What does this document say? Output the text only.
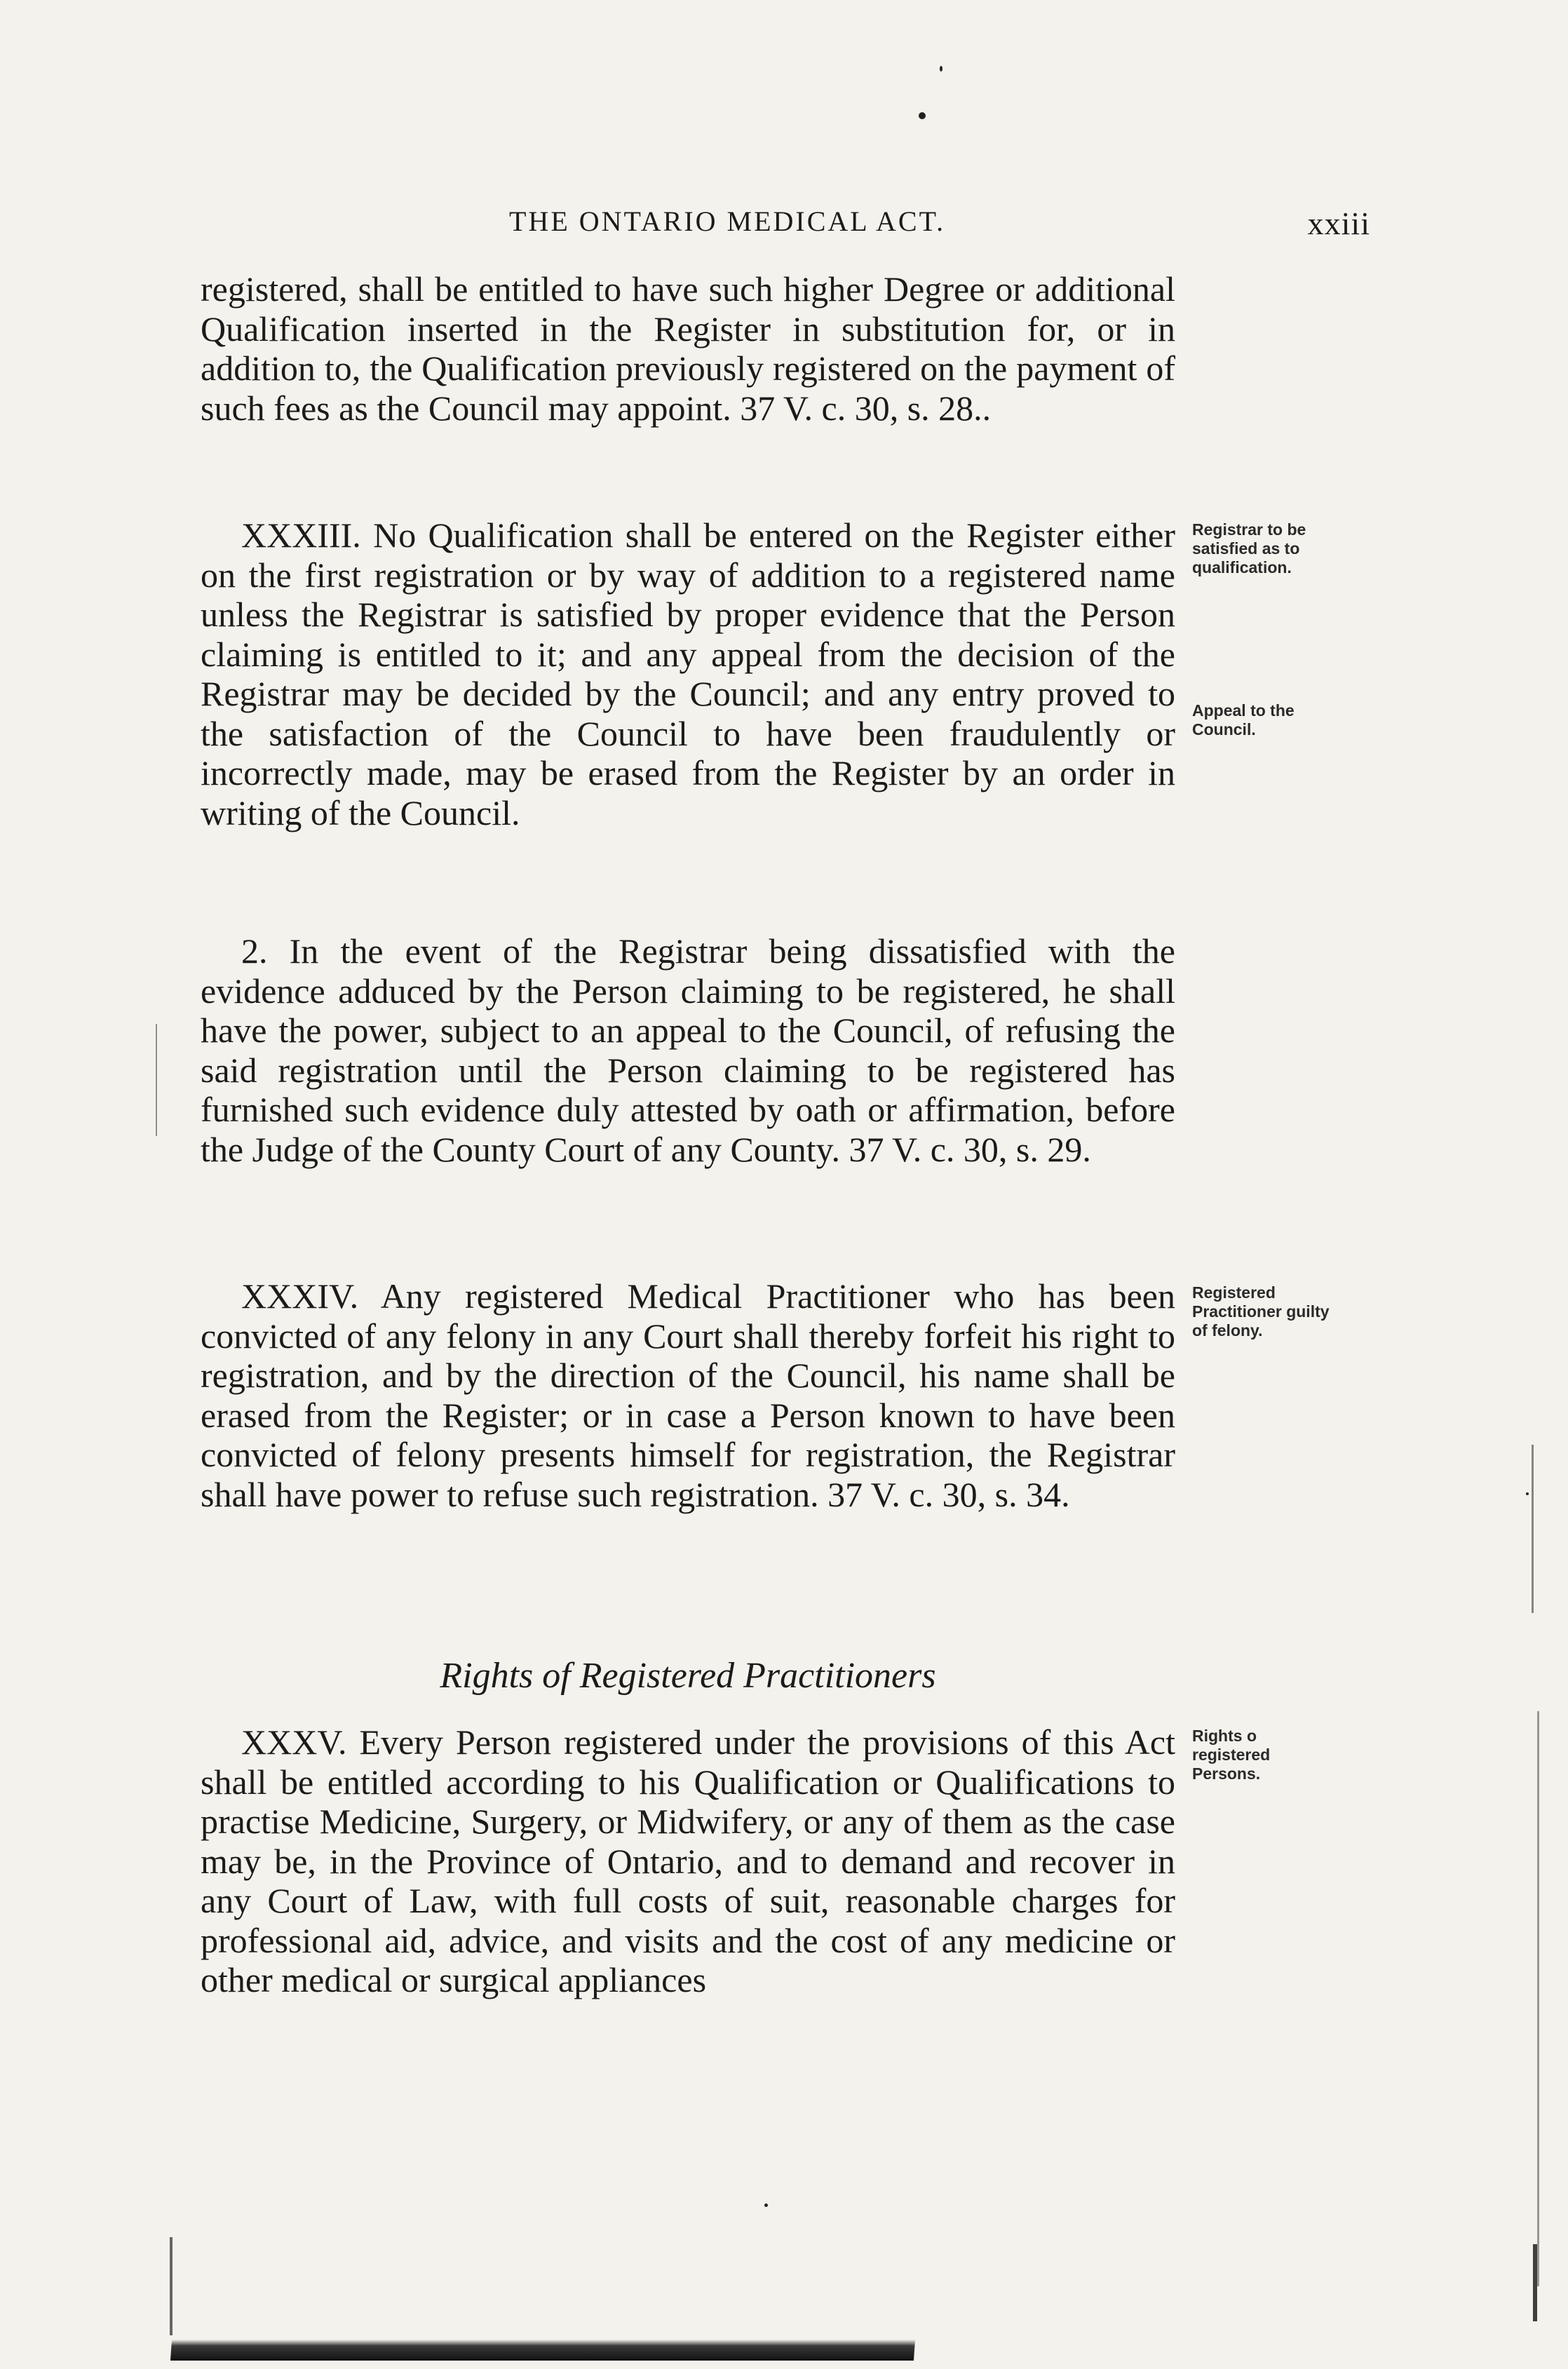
THE ONTARIO MEDICAL ACT.	xxiii

registered, shall be entitled to have such higher Degree or additional Qualification inserted in the Register in substitution for, or in addition to, the Qualification previously registered on the payment of such fees as the Council may appoint. 37 V. c. 30, s. 28..

XXXIII. No Qualification shall be entered on the Register either on the first registration or by way of addition to a registered name unless the Registrar is satisfied by proper evidence that the Person claiming is entitled to it; and any appeal from the decision of the Registrar may be decided by the Council; and any entry proved to the satisfaction of the Council to have been fraudulently or incorrectly made, may be erased from the Register by an order in writing of the Council.

2. In the event of the Registrar being dissatisfied with the evidence adduced by the Person claiming to be registered, he shall have the power, subject to an appeal to the Council, of refusing the said registration until the Person claiming to be registered has furnished such evidence duly attested by oath or affirmation, before the Judge of the County Court of any County. 37 V. c. 30, s. 29.

XXXIV. Any registered Medical Practitioner who has been convicted of any felony in any Court shall thereby forfeit his right to registration, and by the direction of the Council, his name shall be erased from the Register; or in case a Person known to have been convicted of felony presents himself for registration, the Registrar shall have power to refuse such registration. 37 V. c. 30, s. 34.

Rights of Registered Practitioners

XXXV. Every Person registered under the provisions of this Act shall be entitled according to his Qualification or Qualifications to practise Medicine, Surgery, or Midwifery, or any of them as the case may be, in the Province of Ontario, and to demand and recover in any Court of Law, with full costs of suit, reasonable charges for professional aid, advice, and visits and the cost of any medicine or other medical or surgical appliances

Registrar to be satisfied as to qualification.
Appeal to the Council.
Registered Practitioner guilty of felony.
Rights o registered Persons.
